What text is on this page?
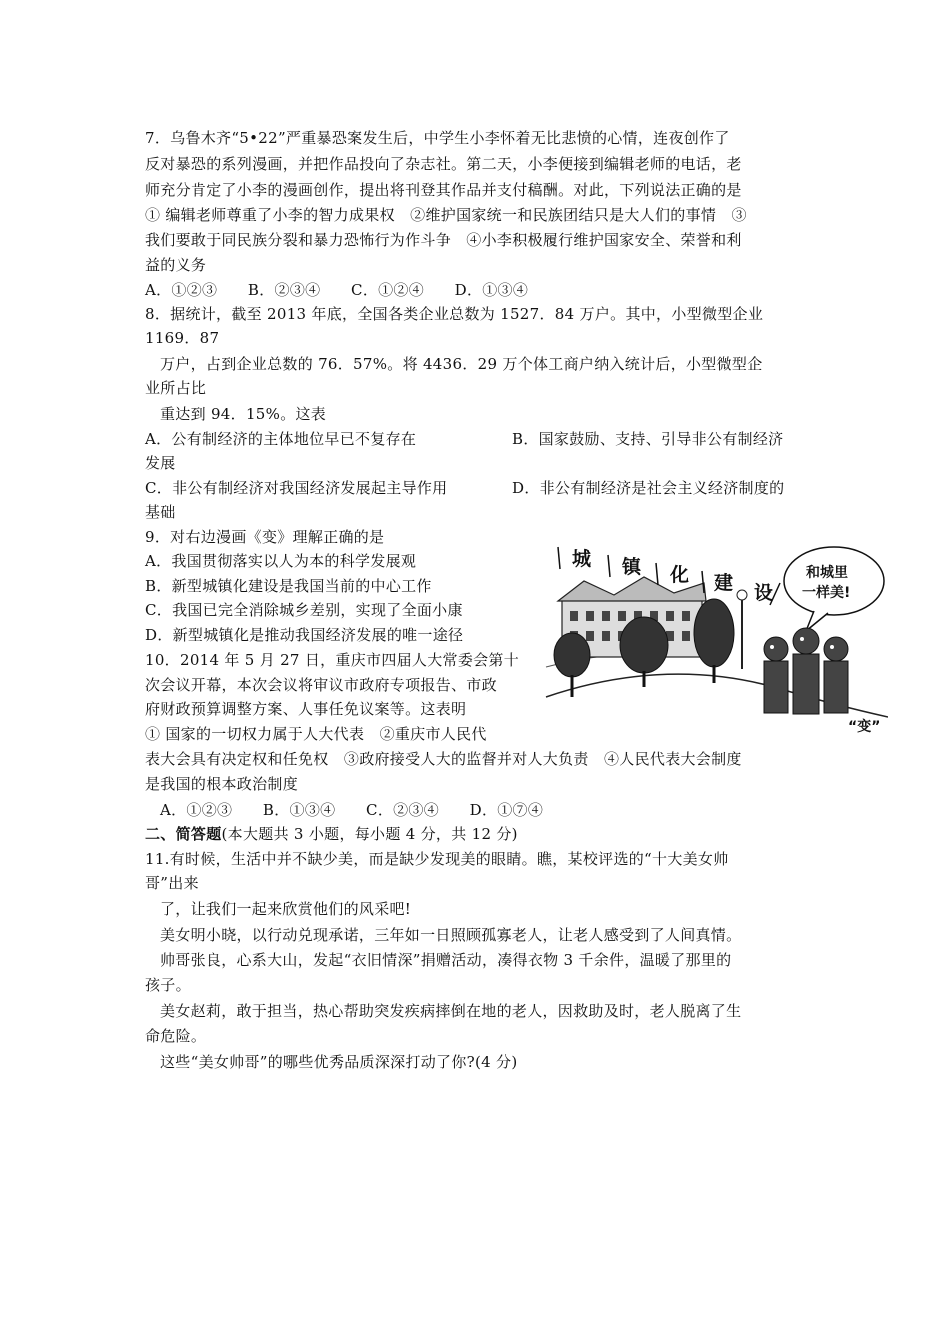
7．乌鲁木齐“5•22”严重暴恐案发生后，中学生小李怀着无比悲愤的心情，连夜创作了
反对暴恐的系列漫画，并把作品投向了杂志社。第二天，小李便接到编辑老师的电话，老
师充分肯定了小李的漫画创作，提出将刊登其作品并支付稿酬。对此，下列说法正确的是
① 编辑老师尊重了小李的智力成果权　②维护国家统一和民族团结只是大人们的事情　③
我们要敢于同民族分裂和暴力恐怖行为作斗争　④小李积极履行维护国家安全、荣誉和利
益的义务
A．①②③　　B．②③④　　C．①②④　　D．①③④
8．据统计，截至 2013 年底，全国各类企业总数为 1527．84 万户。其中，小型微型企业
1169．87
万户，占到企业总数的 76．57%。将 4436．29 万个体工商户纳入统计后，小型微型企
业所占比
重达到 94．15%。这表
A．公有制经济的主体地位早已不复存在	B．国家鼓励、支持、引导非公有制经济
发展
C．非公有制经济对我国经济发展起主导作用	D．非公有制经济是社会主义经济制度的
基础
9．对右边漫画《变》理解正确的是
A．我国贯彻落实以人为本的科学发展观
B．新型城镇化建设是我国当前的中心工作
C．我国已完全消除城乡差别，实现了全面小康
D．新型城镇化是推动我国经济发展的唯一途径
城 镇 化 建 设
和城里
一样美!
“变”
10．2014 年 5 月 27 日，重庆市四届人大常委会第十
次会议开幕，本次会议将审议市政府专项报告、市政
府财政预算调整方案、人事任免议案等。这表明
① 国家的一切权力属于人大代表　②重庆市人民代
表大会具有决定权和任免权　③政府接受人大的监督并对人大负责　④人民代表大会制度
是我国的根本政治制度
A．①②③　　B．①③④　　C．②③④　　D．①⑦④
二、简答题(本大题共 3 小题，每小题 4 分，共 12 分)
11.有时候，生活中并不缺少美，而是缺少发现美的眼睛。瞧，某校评选的“十大美女帅
哥”出来
了，让我们一起来欣赏他们的风采吧!
美女明小晓，以行动兑现承诺，三年如一日照顾孤寡老人，让老人感受到了人间真情。
帅哥张良，心系大山，发起“衣旧情深”捐赠活动，凑得衣物 3 千余件，温暖了那里的
孩子。
美女赵莉，敢于担当，热心帮助突发疾病摔倒在地的老人，因救助及时，老人脱离了生
命危险。
这些“美女帅哥”的哪些优秀品质深深打动了你?(4 分)
